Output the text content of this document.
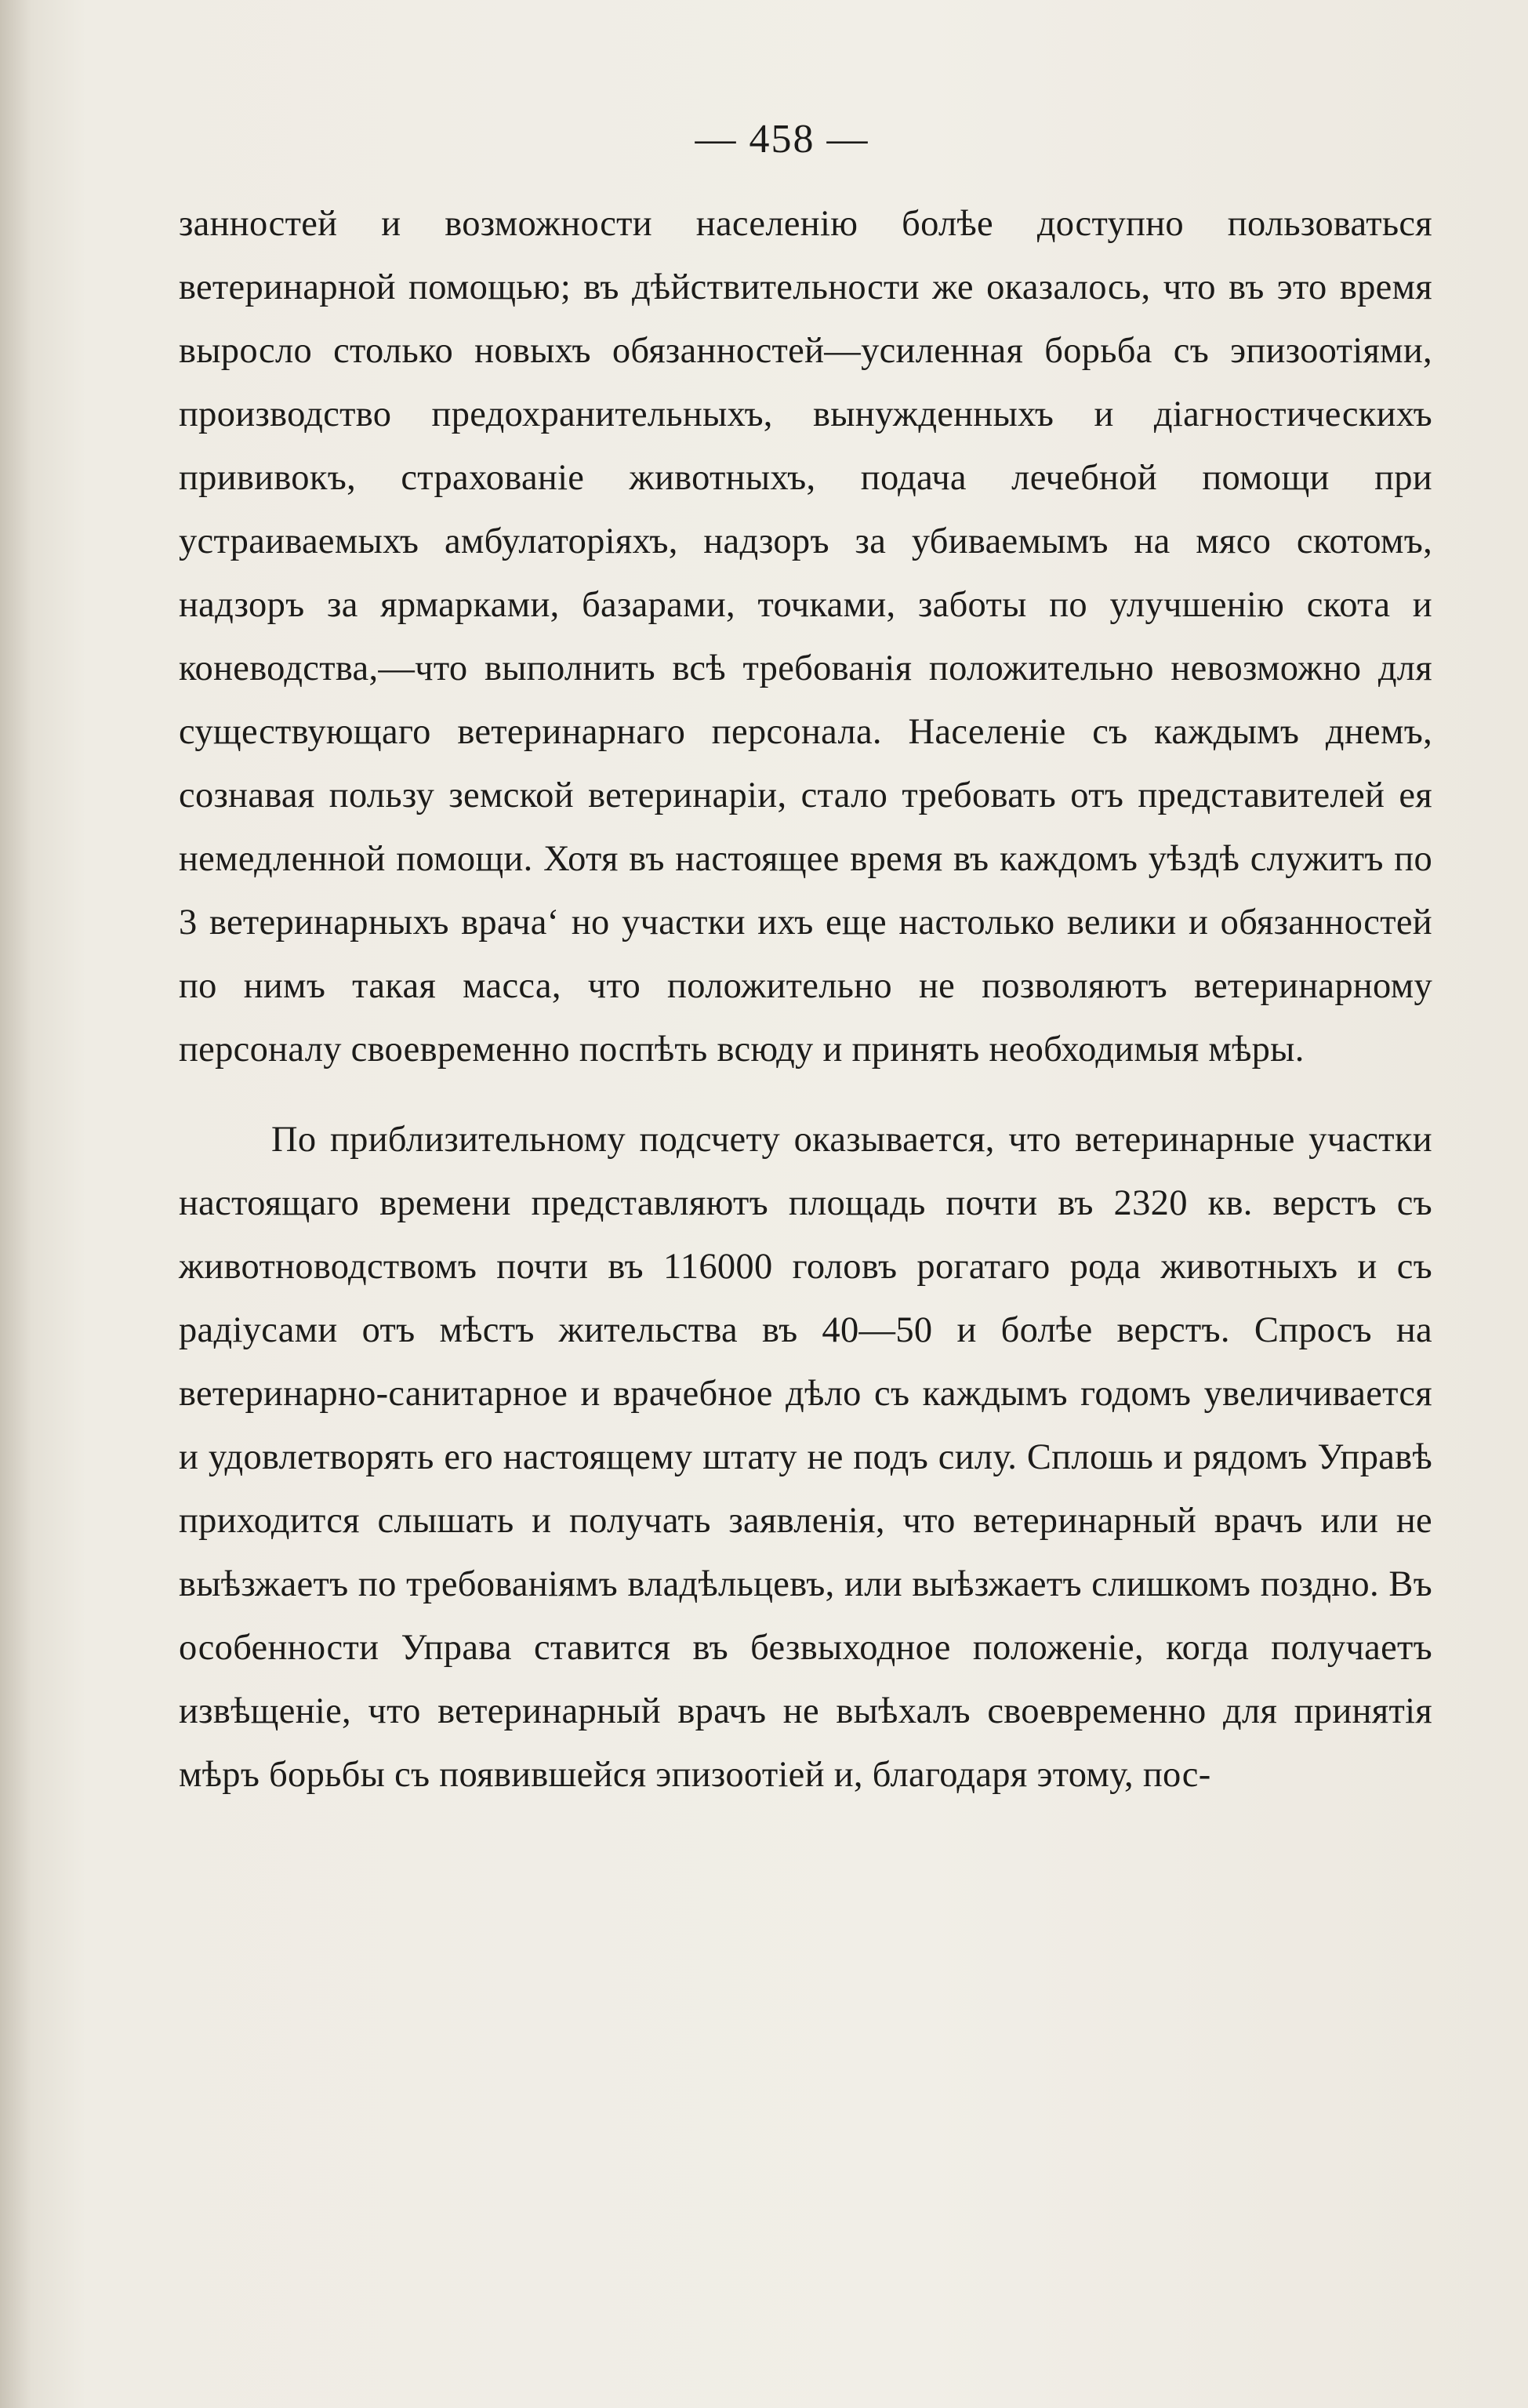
— 458 —

занностей и возможности населенію болѣе доступно пользоваться ветеринарной помощью; въ дѣйствительности же оказалось, что въ это время выросло столько новыхъ обязанностей—усиленная борьба съ эпизоотіями, производство предохранительныхъ, вынужденныхъ и діагностическихъ прививокъ, страхованіе животныхъ, подача лечебной помощи при устраиваемыхъ амбулаторіяхъ, надзоръ за убиваемымъ на мясо скотомъ, надзоръ за ярмарками, базарами, точками, заботы по улучшенію скота и коневодства,—что выполнить всѣ требованія положительно невозможно для существующаго ветеринарнаго персонала. Населеніе съ каждымъ днемъ, сознавая пользу земской ветеринаріи, стало требовать отъ представителей ея немедленной помощи. Хотя въ настоящее время въ каждомъ уѣздѣ служитъ по 3 ветеринарныхъ врача‘ но участки ихъ еще настолько велики и обязанностей по нимъ такая масса, что положительно не позволяютъ ветеринарному персоналу своевременно поспѣть всюду и принять необходимыя мѣры.

По приблизительному подсчету оказывается, что ветеринарные участки настоящаго времени представляютъ площадь почти въ 2320 кв. верстъ съ животноводствомъ почти въ 116000 головъ рогатаго рода животныхъ и съ радіусами отъ мѣстъ жительства въ 40—50 и болѣе верстъ. Спросъ на ветеринарно-санитарное и врачебное дѣло съ каждымъ годомъ увеличивается и удовлетворять его настоящему штату не подъ силу. Сплошь и рядомъ Управѣ приходится слышать и получать заявленія, что ветеринарный врачъ или не выѣзжаетъ по требованіямъ владѣльцевъ, или выѣзжаетъ слишкомъ поздно. Въ особенности Управа ставится въ безвыходное положеніе, когда получаетъ извѣщеніе, что ветеринарный врачъ не выѣхалъ своевременно для принятія мѣръ борьбы съ появившейся эпизоотіей и, благодаря этому, пос-
